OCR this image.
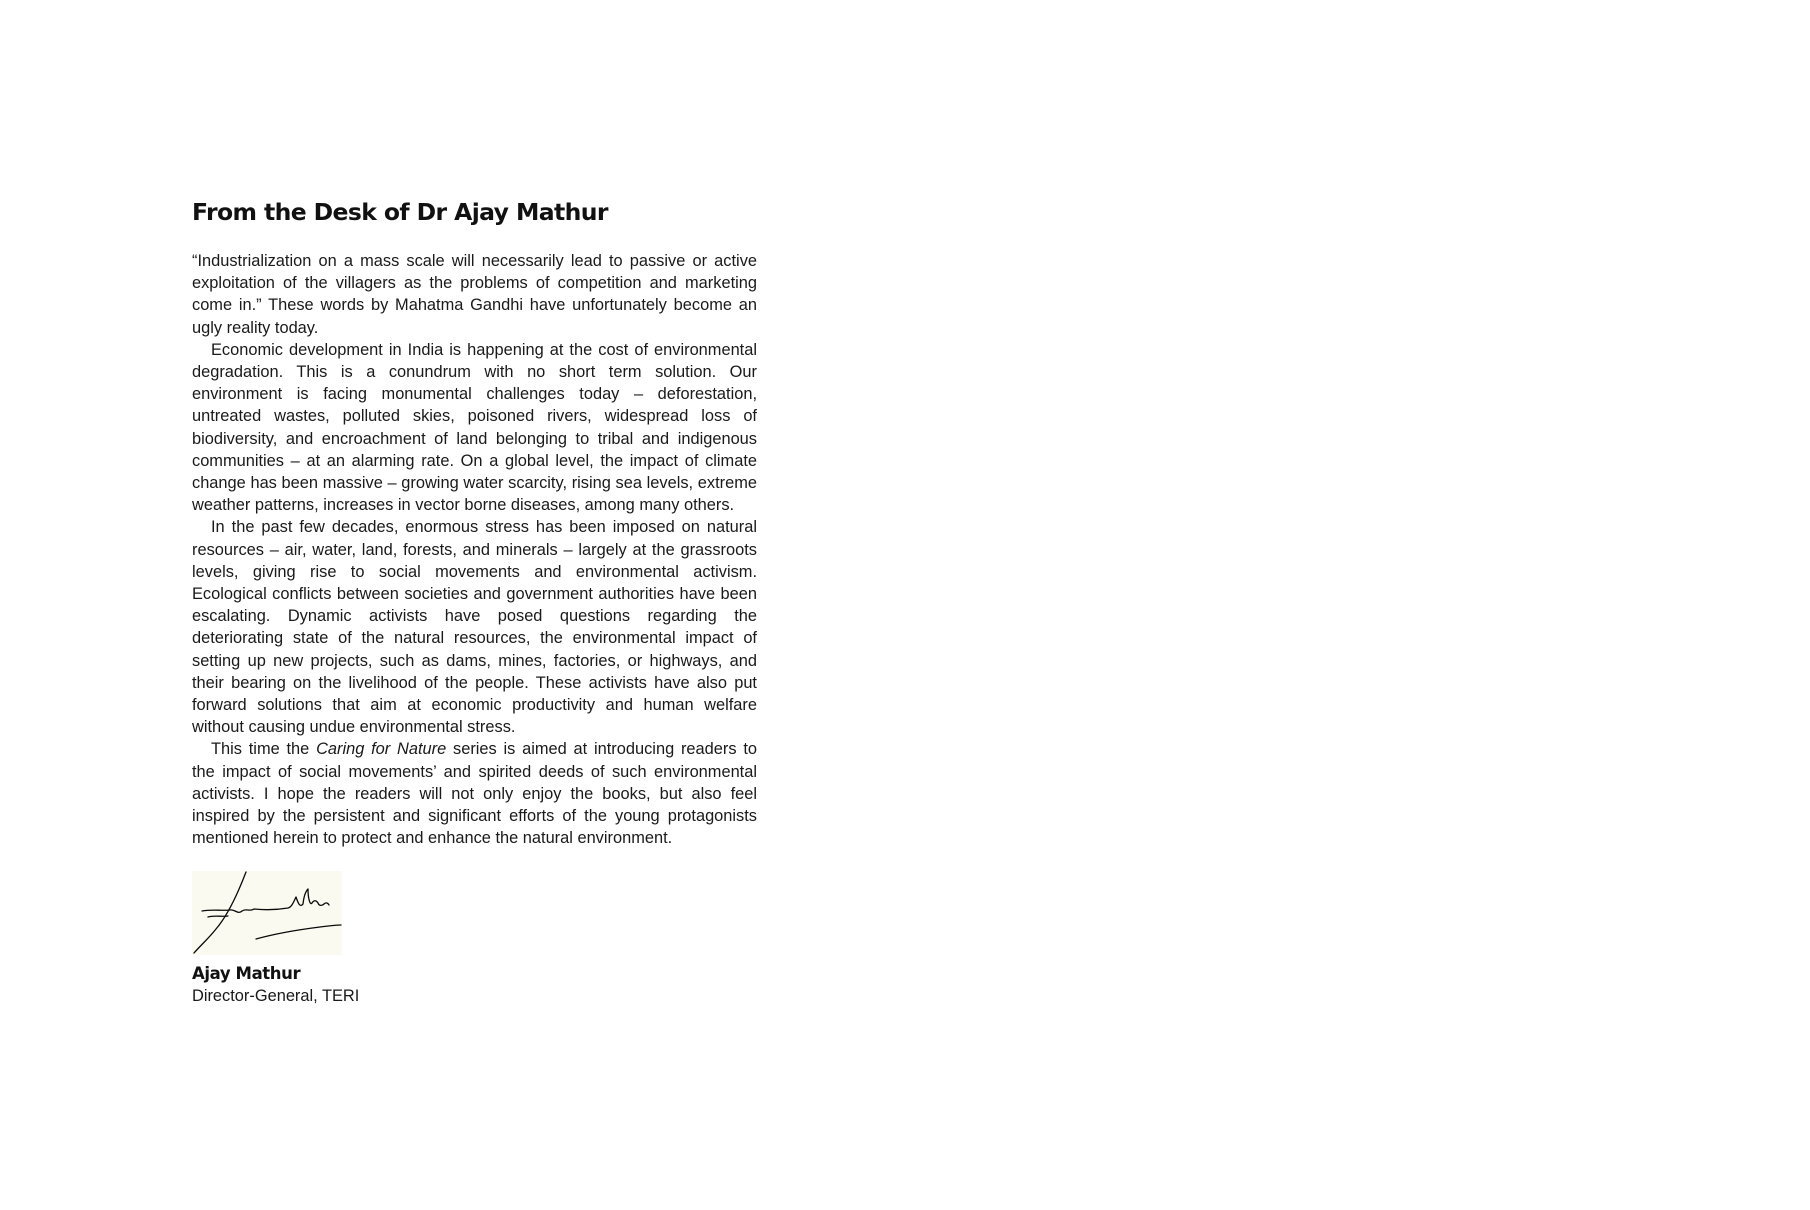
From the Desk of Dr Ajay Mathur

“Industrialization on a mass scale will necessarily lead to passive or active exploitation of the villagers as the problems of competition and marketing come in.” These words by Mahatma Gandhi have unfortunately become an ugly reality today.

Economic development in India is happening at the cost of environmental degradation. This is a conundrum with no short term solution. Our environment is facing monumental challenges today – deforestation, untreated wastes, polluted skies, poisoned rivers, widespread loss of biodiversity, and encroachment of land belonging to tribal and indigenous communities – at an alarming rate. On a global level, the impact of climate change has been massive – growing water scarcity, rising sea levels, extreme weather patterns, increases in vector borne diseases, among many others.

In the past few decades, enormous stress has been imposed on natural resources – air, water, land, forests, and minerals – largely at the grassroots levels, giving rise to social movements and environmental activism. Ecological conflicts between societies and government authorities have been escalating. Dynamic activists have posed questions regarding the deteriorating state of the natural resources, the environmental impact of setting up new projects, such as dams, mines, factories, or highways, and their bearing on the livelihood of the people. These activists have also put forward solutions that aim at economic productivity and human welfare without causing undue environmental stress.

This time the Caring for Nature series is aimed at introducing readers to the impact of social movements’ and spirited deeds of such environmental activists. I hope the readers will not only enjoy the books, but also feel inspired by the persistent and significant efforts of the young protagonists mentioned herein to protect and enhance the natural environment.

Ajay Mathur
Director-General, TERI
